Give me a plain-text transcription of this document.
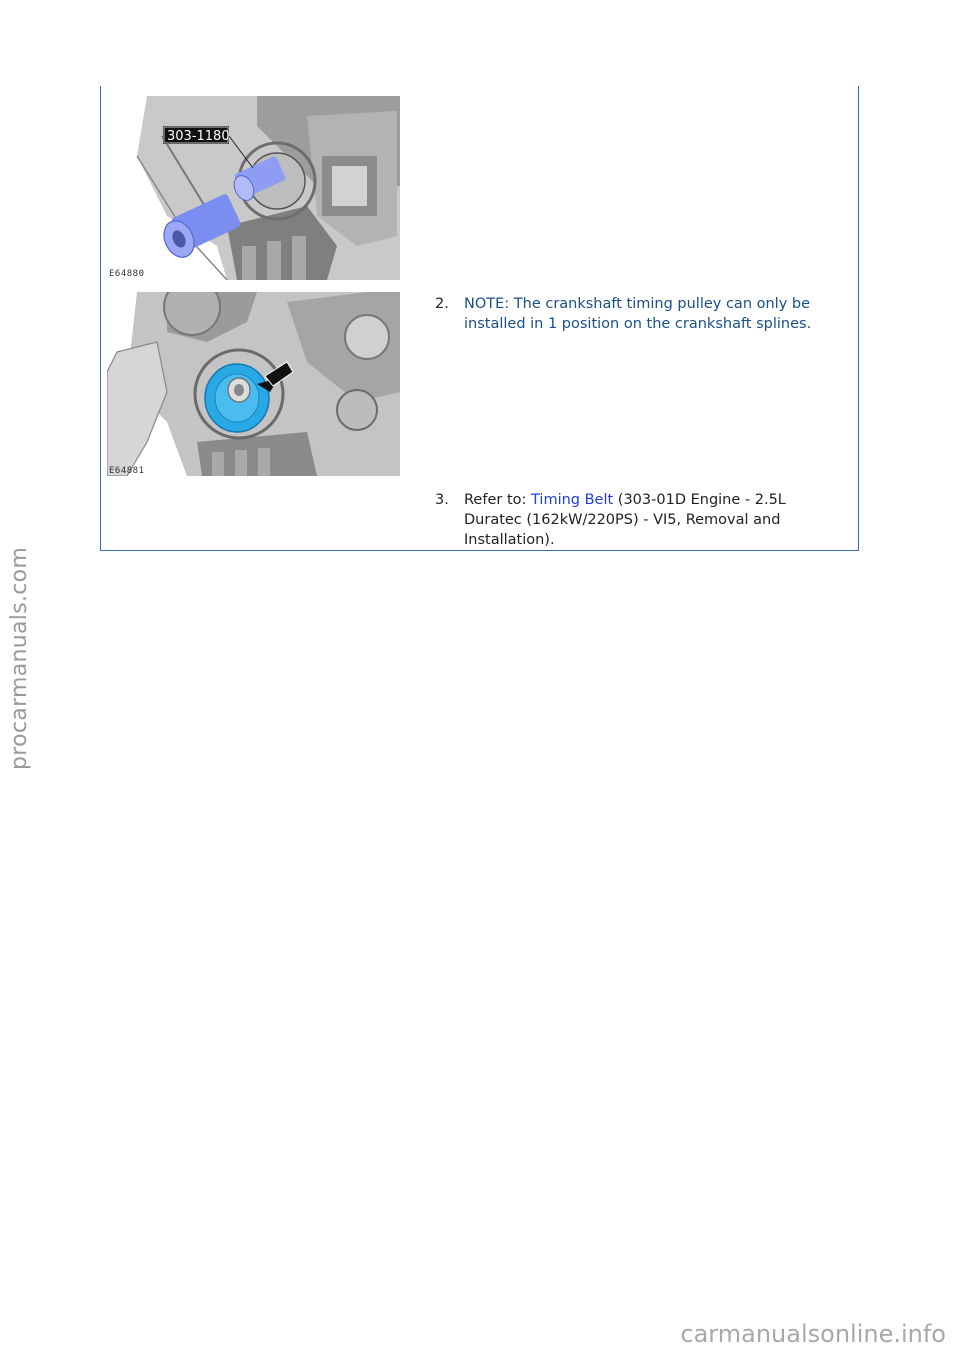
303-1180
E64880
E64881
2. NOTE: The crankshaft timing pulley can only be installed in 1 position on the crankshaft splines.
3. Refer to: Timing Belt (303-01D Engine - 2.5L Duratec (162kW/220PS) - VI5, Removal and Installation).
procarmanuals.com
carmanualsonline.info
